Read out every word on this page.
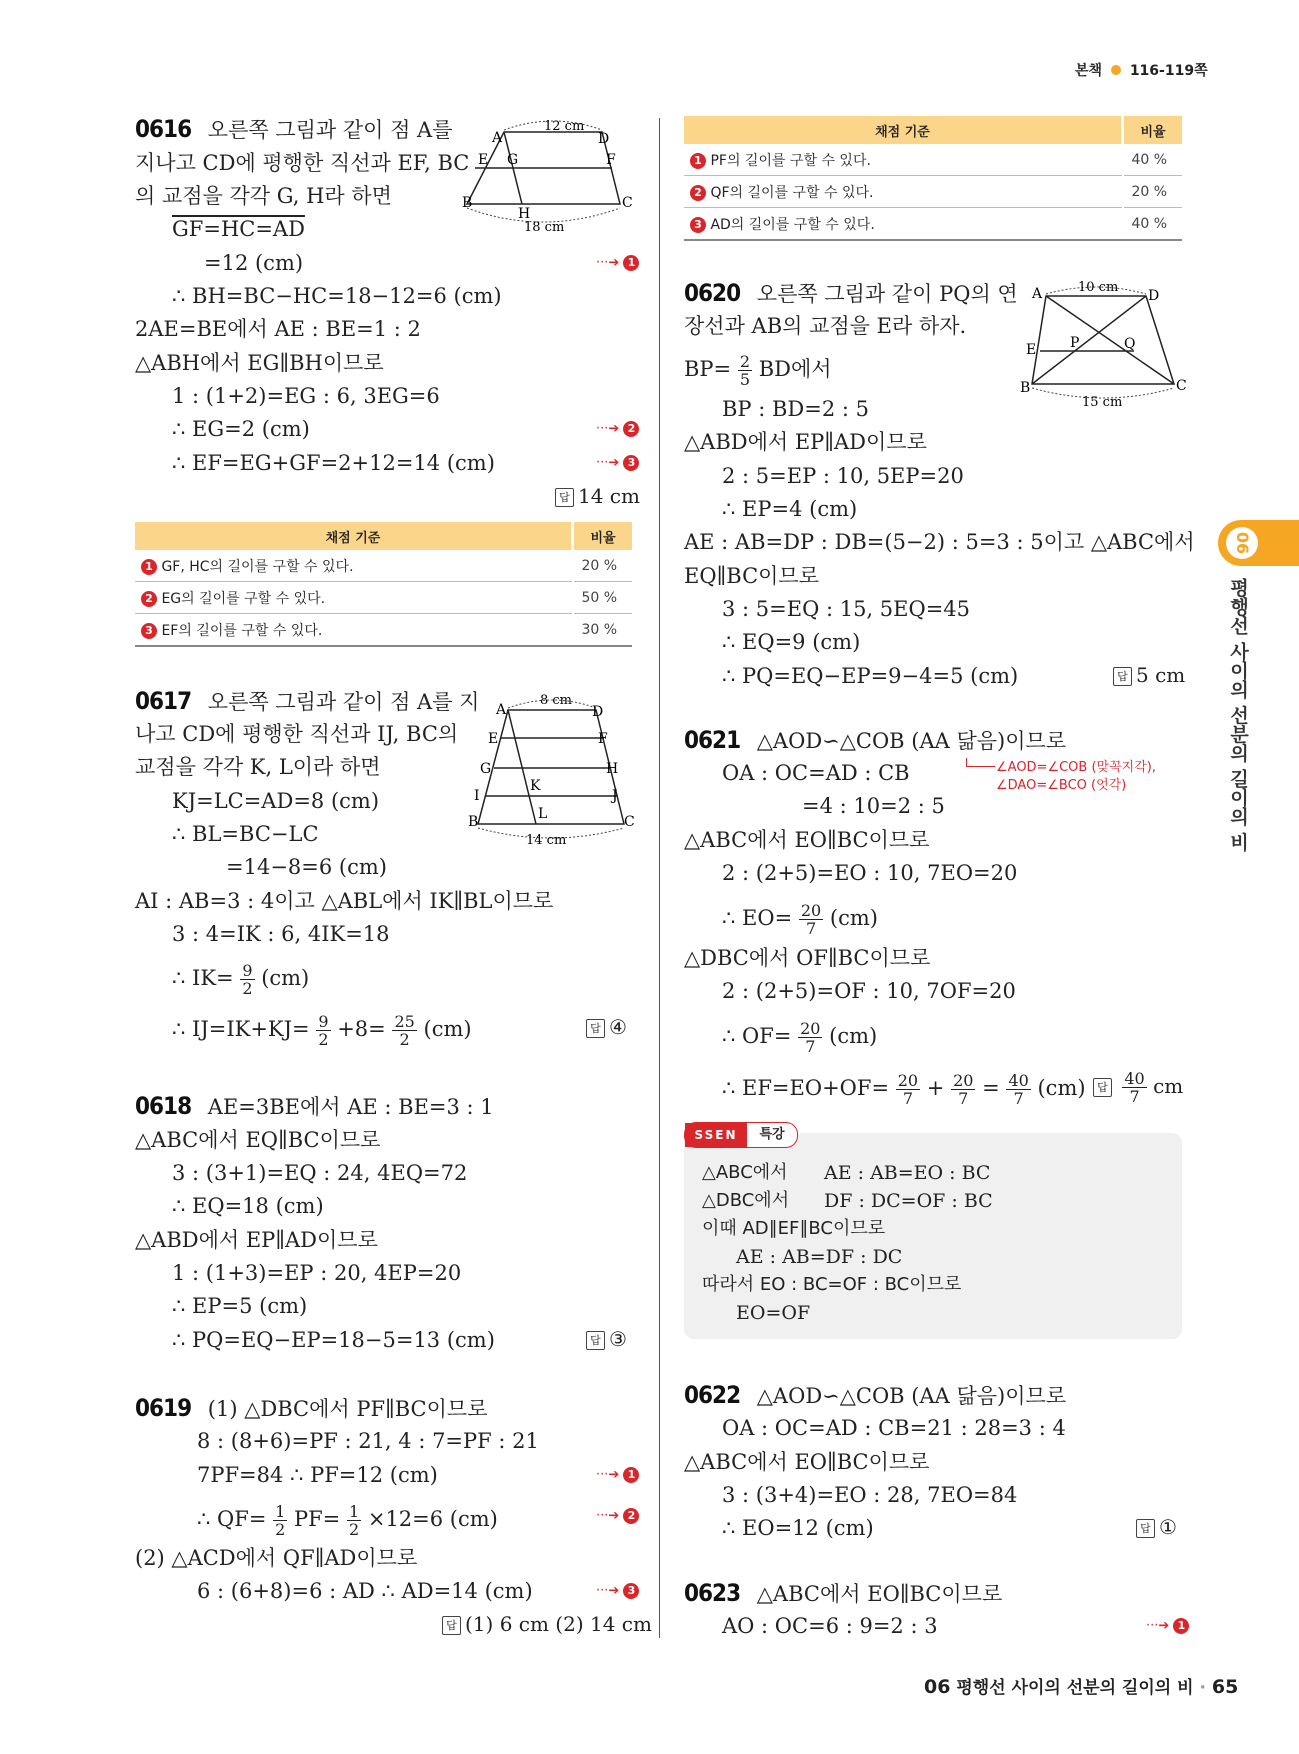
본책 116-119쪽
06
평행선 사이의 선분의 길이의 비
0616 오른쪽 그림과 같이 점 A를
지나고 CD에 평행한 직선과 EF, BC
의 교점을 각각 G, H라 하면
GF=HC=AD
=12 (cm)
∴ BH=BC−HC=18−12=6 (cm)
2AE=BE에서 AE : BE=1 : 2
△ABH에서 EG∥BH이므로
1 : (1+2)=EG : 6, 3EG=6
∴ EG=2 (cm)
∴ EF=EG+GF=2+12=14 (cm)
···➔ 1
···➔ 2
···➔ 3
답 14 cm
12 cm
18 cm
A	D
E G	F
B
H
C
채점 기준	비율
1 GF, HC의 길이를 구할 수 있다.	20 %
2 EG의 길이를 구할 수 있다.	50 %
3 EF의 길이를 구할 수 있다.	30 %
0617 오른쪽 그림과 같이 점 A를 지
나고 CD에 평행한 직선과 IJ, BC의
교점을 각각 K, L이라 하면
KJ=LC=AD=8 (cm)
∴ BL=BC−LC
=14−8=6 (cm)
AI : AB=3 : 4이고 △ABL에서 IK∥BL이므로
3 : 4=IK : 6, 4IK=18
∴ $IK= \frac{9}{2} (cm)$
∴ $IJ=IK+KJ= \frac{9}{2} +8= \frac{25}{2} (cm)$	답 ④
8 cm
14 cm
A	D
E	F
G	H
I
K
J
B	L	C
0618 AE=3BE에서 AE : BE=3 : 1
△ABC에서 EQ∥BC이므로
3 : (3+1)=EQ : 24, 4EQ=72
∴ EQ=18 (cm)
△ABD에서 EP∥AD이므로
1 : (1+3)=EP : 20, 4EP=20
∴ EP=5 (cm)
∴ PQ=EQ−EP=18−5=13 (cm)	답 ③
0619 (1) △DBC에서 PF∥BC이므로
8 : (8+6)=PF : 21, 4 : 7=PF : 21
7PF=84 ∴ PF=12 (cm)
∴ $QF= \frac{1}{2} PF= \frac{1}{2} \times 12=6$ (cm)
(2) △ACD에서 QF∥AD이므로
6 : (6+8)=6 : AD ∴ AD=14 (cm)
···➔ 1
···➔ 2
···➔ 3
답 (1) 6 cm (2) 14 cm
채점 기준	비율
1 PF의 길이를 구할 수 있다.	40 %
2 QF의 길이를 구할 수 있다.	20 %
3 AD의 길이를 구할 수 있다.	40 %
0620 오른쪽 그림과 같이 PQ의 연
장선과 AB의 교점을 E라 하자.
$BP= \frac{2}{5}$ BD에서
BP : BD=2 : 5
△ABD에서 EP∥AD이므로
2 : 5=EP : 10, 5EP=20
∴ EP=4 (cm)
AE : AB=DP : DB=(5−2) : 5=3 : 5이고 △ABC에서
EQ∥BC이므로
3 : 5=EQ : 15, 5EQ=45
∴ EQ=9 (cm)
∴ PQ=EQ−EP=9−4=5 (cm)	답 5 cm
10 cm
15 cm
A	D
E P	Q
B	C
0621 △AOD∽△COB (AA 닮음)이므로
OA : OC=AD : CB
=4 : 10=2 : 5
∠AOD=∠COB (맞꼭지각),
∠DAO=∠BCO (엇각)
△ABC에서 EO∥BC이므로
2 : (2+5)=EO : 10, 7EO=20
∴ $EO= \frac{20}{7} (cm)$
△DBC에서 OF∥BC이므로
2 : (2+5)=OF : 10, 7OF=20
∴ $OF= \frac{20}{7} (cm)$
∴ $EF=EO+OF= \frac{20}{7} + \frac{20}{7} = \frac{40}{7} (cm)$	답 $\frac{40}{7}$ cm
SSEN	특강
△ABC에서 AE : AB=EO : BC
△DBC에서 DF : DC=OF : BC
이때 AD∥EF∥BC이므로
AE : AB=DF : DC
따라서 EO : BC=OF : BC이므로
EO=OF
0622 △AOD∽△COB (AA 닮음)이므로
OA : OC=AD : CB=21 : 28=3 : 4
△ABC에서 EO∥BC이므로
3 : (3+4)=EO : 28, 7EO=84
∴ EO=12 (cm)	답 ①
0623 △ABC에서 EO∥BC이므로
AO : OC=6 : 9=2 : 3	···➔ 1
06 평행선 사이의 선분의 길이의 비 · 65
